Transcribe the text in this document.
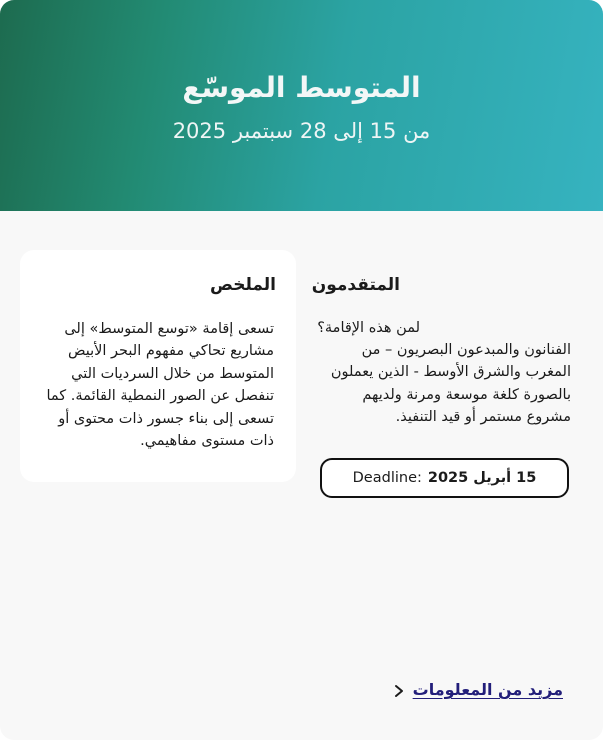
المتوسط الموسّع
من 15 إلى 28 سبتمبر 2025
الملخص
تسعى إقامة «توسع المتوسط» إلى مشاريع تحاكي مفهوم البحر الأبيض المتوسط من خلال السرديات التي تنفصل عن الصور النمطية القائمة. كما تسعى إلى بناء جسور ذات محتوى أو ذات مستوى مفاهيمي.
المتقدمون
لمن هذه الإقامة؟
الفنانون والمبدعون البصريون – من المغرب والشرق الأوسط - الذين يعملون بالصورة كلغة موسعة ومرنة ولديهم مشروع مستمر أو قيد التنفيذ.
Deadline: 15 أبريل 2025
مزيد من المعلومات
